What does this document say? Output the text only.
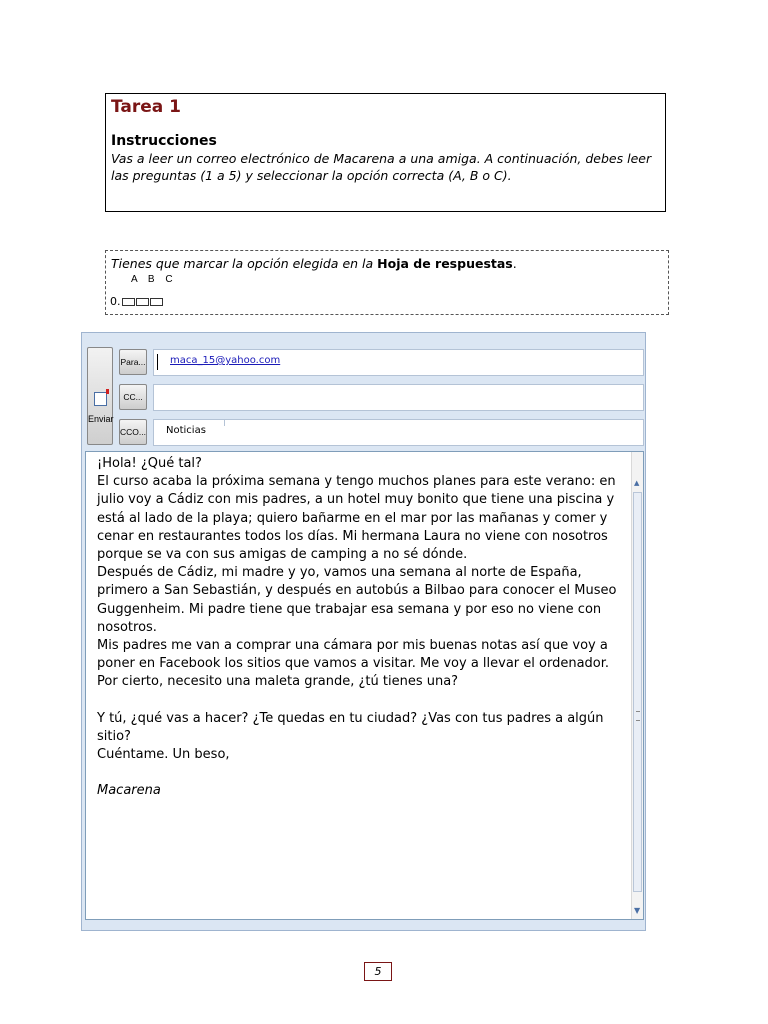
Tarea 1
Instrucciones
Vas a leer un correo electrónico de Macarena a una amiga. A continuación, debes leer las preguntas (1 a 5) y seleccionar la opción correcta (A, B o C).
Tienes que marcar la opción elegida en la Hoja de respuestas.
A B C
0.
Enviar
Para...	maca_15@yahoo.com
CC...
CCO...	Noticias

¡Hola! ¿Qué tal?

El curso acaba la próxima semana y tengo muchos planes para este verano: en julio voy a Cádiz con mis padres, a un hotel muy bonito que tiene una piscina y está al lado de la playa; quiero bañarme en el mar por las mañanas y comer y cenar en restaurantes todos los días. Mi hermana Laura no viene con nosotros porque se va con sus amigas de camping a no sé dónde.

Después de Cádiz, mi madre y yo, vamos una semana al norte de España, primero a San Sebastián, y después en autobús a Bilbao para conocer el Museo Guggenheim. Mi padre tiene que trabajar esa semana y por eso no viene con nosotros.

Mis padres me van a comprar una cámara por mis buenas notas así que voy a poner en Facebook los sitios que vamos a visitar. Me voy a llevar el ordenador. Por cierto, necesito una maleta grande, ¿tú tienes una?

Y tú, ¿qué vas a hacer? ¿Te quedas en tu ciudad? ¿Vas con tus padres a algún sitio?

Cuéntame. Un beso,

Macarena

▲
▼
5
